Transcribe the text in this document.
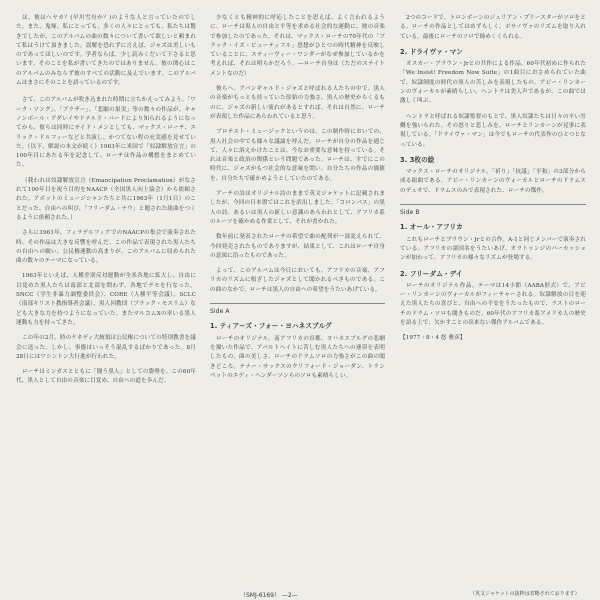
は、彼はヘヤカ？(早川雪舟か？)のような人と言っていたのでした。また、鬼塚、私にとっても、多くの人々にとっても、私たちは驚きでしたが、このアルバムの曲の数々について書いて欲しいと頼まれて私はうけて頂きました。誤解を恐れずに言えば、ジャズは美しいものであってほしいのです。学者ならば、少し読みくだいて下さると思います。そのことを私が書いてきたのではありません。彼の関心はこのアルバムのみならず彼のすべての活動に及んでいます。このアルバムはまさにそのことを語っているのです。

さて、このアルバムが吹き込まれた時期に立ちかえってみよう。「ワーク・ソング」、「ブラザー」、「悲願の果実」等の数々の作品が、キャノンボール・アダレイやドナルド・バードにより知られるようになってから、彼らは同時にサイド・メンとしても、マックス・ローチ、エリック・ドルフィーなどと共演し、かつてない程の充実感を見せていた。（以下、解説の本文が続く）1963年に米国で「奴隷解放宣言」の100年目にあたる年を記念して、ローチは作品の構想をまとめていた。

（我われは奴隷解放宣言（Emancipation Proclamation）がなされて100年目を祝う目的をNAACP（全国黒人向上協会）から依頼された。アボットのミュージシャンたちと共に1963年（1月1日）のことだった。自由への叫び、「フリーダム・ナウ」と題された組曲をつくるように依頼された。）

さらに1961年、フィラデルフィアでのNAACPの集会で演奏された時、その作品は大きな反響を呼んだ。この作品で表現された黒人たちの自由への願い、公民権運動の高まりが、このアルバムに収められた曲の数々のテーマになっている。

1963年といえば、人種差別反対運動が全米各地に拡大し、自由に目覚めた黒人たちは南部と北部を問わず、各地でデモを行なった。SNCC（学生非暴力調整委員会）、CORE（人種平等会議）、SCLC（南部キリスト教指導者会議）、黒人回教団（ブラック・モスリム）なども大きな力を持つようになっていた。またマルコムXの率いる黒人運動も力を持ってきた。

この年の2月、時のケネディ大統領は公民権についての特別教書を議会に送った。しかし、事態はいっそう混乱するばかりであった。8月28日にはワシントン大行進が行われた。

ローチはミンガスとともに「闘う黒人」としての姿勢を、この60年代、黒人として自由の音楽に目覚め、自由への道を歩んだ。

少なくとも精神的に呼応したことを思えば、よく言われるように、ローチは黒人の自由と平等を求める社会的な運動に、彼の音楽で参加したのであった。それは、マックス・ローチの70年代の「ブラック・イズ・ビューティフル」思想がひとつの時代精神を反映していることに、スティーヴィー・ワンダーがなぜ参加しているかを考えれば、それは明らかだろう。—ローチ自身は（ただのステイトメントなのだ）

彼らへ、アバンギャルド・ジャズと呼ばれる人たちの中で、黒人の音楽がもっとも持っていた原始の力強さ、黒人の歴史からくるものに、ジャズの新しい流れがあるとすれば、それは自然に、ローチが表現した作品にあらわれていると思う。

ブロテスト・ミュージックというのは、この制作時においての、黒人社会の中でも様々な議論を呼んだ。ローチが自分の作品を通じて、人々に訴えかけたことは、今なお重要な意味を持っている。それは音楽と政治の関係という問題であった。ローチは、すでにこの時代に、ジャズがもつ社会的な意味を問い、自分たちの作品の価値を、自分たちで確かめようとしていたのである。

アーチの詩はオリジナル詩のままで英文ジャケットに記載されましたが、今回の日本盤ではこれを訳出しました。「コロンバス」の黒人の詩、あるいは黒人の新しい意識のあらわれとして、アフリカ系のルーツを確かめる作業として、それが書かれた。

数年前に発表されたローチの希望で曲の配列が一部変えられて、今回発売されたものでありますが、結果として、これはローチ自身の意図に沿ったものであった。

よって、このアルバムは今日においても、アフリカの音楽、アフリカのリズムに根ざしたジャズとして聞かれるべきものである。この曲のなかで、ローチは黒人の自由への希望をうたいあげている。

Side A
1. ティアーズ・フォー・ヨハネスブルグ

ローチのオリジナル。南アフリカの首都、ヨハネスブルグの悲劇を描いた作品で、アパルトヘイトに苦しむ黒人たちへの連帯を表明したもの。曲の美しさ、ローチのドラムソロの力強さがこの曲の聞きどころ。テナー・サックスのクリフォード・ジョーダン、トランペットのエディ・ヘンダーソンらのソロも素晴らしい。

2つのコードで、トロンボーンのジュリアン・プリースターがソロをとる。ローチの作品としてはめずらしく、ボサノヴァのリズムを取り入れている。最後にローチのソロで締めくくられる。

2. ドライヴァ・マン

オスカー・ブラウン・Jrとの共作による作品。60年代初めに作られた「We Insist! Freedom Now Suite」の1曲目におさめられていた曲で、奴隷制度の時代の黒人の苦しみを表現したもの。アビー・リンカーンのヴォーカルが素晴らしい。ヘントラは美人声であるが、この曲では激しく叫ぶ。

ヘントラと呼ばれる奴隷監督のもとで、黒人奴隷たちは日々の辛い労働を強いられた。その怒りと悲しみを、ローチとリンカーンが見事に表現している。「ドライヴァ・マン」は今でもローチの代表作のひとつとなっている。

3. 3枚の絵

マックス・ローチのオリジナル。「祈り」「抗議」「平和」の3部分から成る組曲である。アビー・リンカーンのヴォーカルとローチのドラムスのデュオで、ドラムスのみで表現された、ローチの傑作。

Side B
1. オール・アフリカ

これもローチとブラウン・Jrとの合作。A-1と同じメンバーで演奏されている。アフリカの諸国名をうたいあげ、オラトゥンジのパーカッションが加わって、アフリカの様々なリズムが登場する。

2. フリーダム・デイ

ローチのオリジナル作品。テーマは14小節（AABA形式）で、アビー・リンカーンのヴォーカルがフィーチャーされる。奴隷解放の日を迎えた黒人たちの喜びと、自由への不安をうたったもので、ラストのローチのドラム・ソロも聞きものだ。60年代のアフリカ系アメリカ人の歴史を語る上で、欠かすことの出来ない傑作アルバムである。

【1977・8・4 悠 雅彦】
（SMJ-6169） —2—	（英文ジャケットの抜粋は省略されております）
